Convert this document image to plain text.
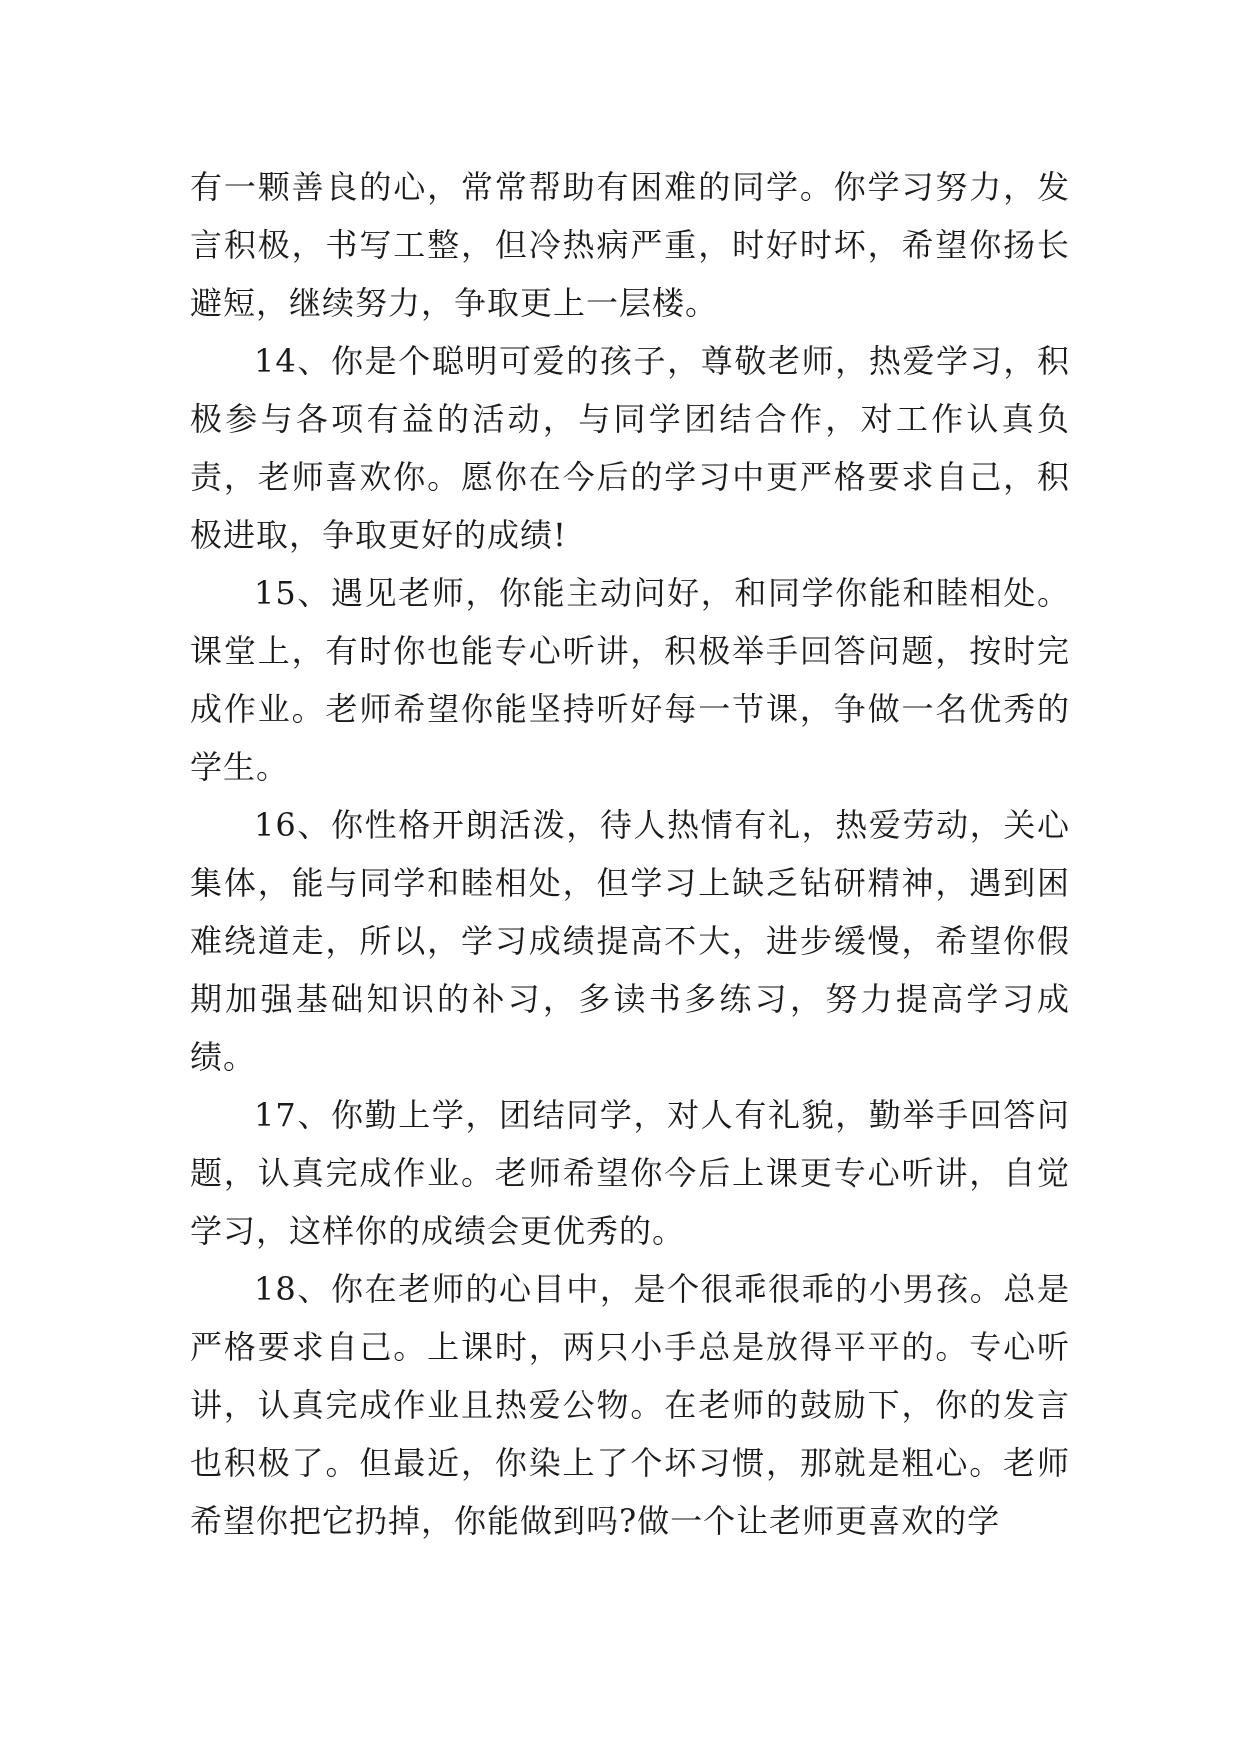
有一颗善良的心，常常帮助有困难的同学。你学习努力，发言积极，书写工整，但冷热病严重，时好时坏，希望你扬长避短，继续努力，争取更上一层楼。

14、你是个聪明可爱的孩子，尊敬老师，热爱学习，积极参与各项有益的活动，与同学团结合作，对工作认真负责，老师喜欢你。愿你在今后的学习中更严格要求自己，积极进取，争取更好的成绩!

15、遇见老师，你能主动问好，和同学你能和睦相处。课堂上，有时你也能专心听讲，积极举手回答问题，按时完成作业。老师希望你能坚持听好每一节课，争做一名优秀的学生。

16、你性格开朗活泼，待人热情有礼，热爱劳动，关心集体，能与同学和睦相处，但学习上缺乏钻研精神，遇到困难绕道走，所以，学习成绩提高不大，进步缓慢，希望你假期加强基础知识的补习，多读书多练习，努力提高学习成绩。

17、你勤上学，团结同学，对人有礼貌，勤举手回答问题，认真完成作业。老师希望你今后上课更专心听讲，自觉学习，这样你的成绩会更优秀的。

18、你在老师的心目中，是个很乖很乖的小男孩。总是严格要求自己。上课时，两只小手总是放得平平的。专心听讲，认真完成作业且热爱公物。在老师的鼓励下，你的发言也积极了。但最近，你染上了个坏习惯，那就是粗心。老师希望你把它扔掉，你能做到吗?做一个让老师更喜欢的学
